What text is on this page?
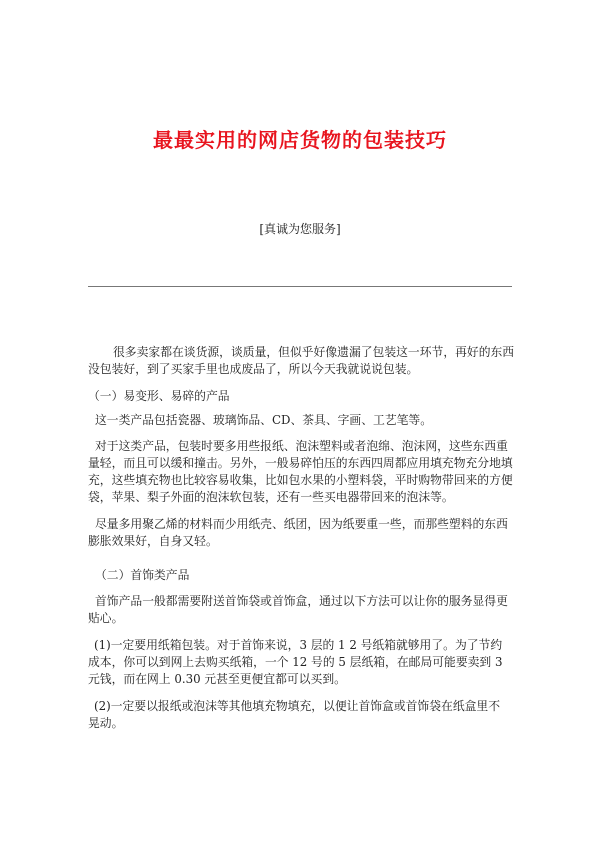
最最实用的网店货物的包装技巧
[真诚为您服务]
很多卖家都在谈货源，谈质量，但似乎好像遗漏了包装这一环节，再好的东西
没包装好，到了买家手里也成废品了，所以今天我就说说包装。
（一）易变形、易碎的产品
这一类产品包括瓷器、玻璃饰品、CD、茶具、字画、工艺笔等。
对于这类产品，包装时要多用些报纸、泡沫塑料或者泡绵、泡沫网，这些东西重
量轻，而且可以缓和撞击。另外，一般易碎怕压的东西四周都应用填充物充分地填
充，这些填充物也比较容易收集，比如包水果的小塑料袋，平时购物带回来的方便
袋，苹果、梨子外面的泡沫软包装，还有一些买电器带回来的泡沫等。
尽量多用聚乙烯的材料而少用纸壳、纸团，因为纸要重一些，而那些塑料的东西
膨胀效果好，自身又轻。
（二）首饰类产品
首饰产品一般都需要附送首饰袋或首饰盒，通过以下方法可以让你的服务显得更
贴心。
(1)一定要用纸箱包装。对于首饰来说，3 层的 1 2 号纸箱就够用了。为了节约
成本，你可以到网上去购买纸箱，一个 12 号的 5 层纸箱，在邮局可能要卖到 3
元钱，而在网上 0.30 元甚至更便宜都可以买到。
(2)一定要以报纸或泡沫等其他填充物填充，以便让首饰盒或首饰袋在纸盒里不
晃动。
